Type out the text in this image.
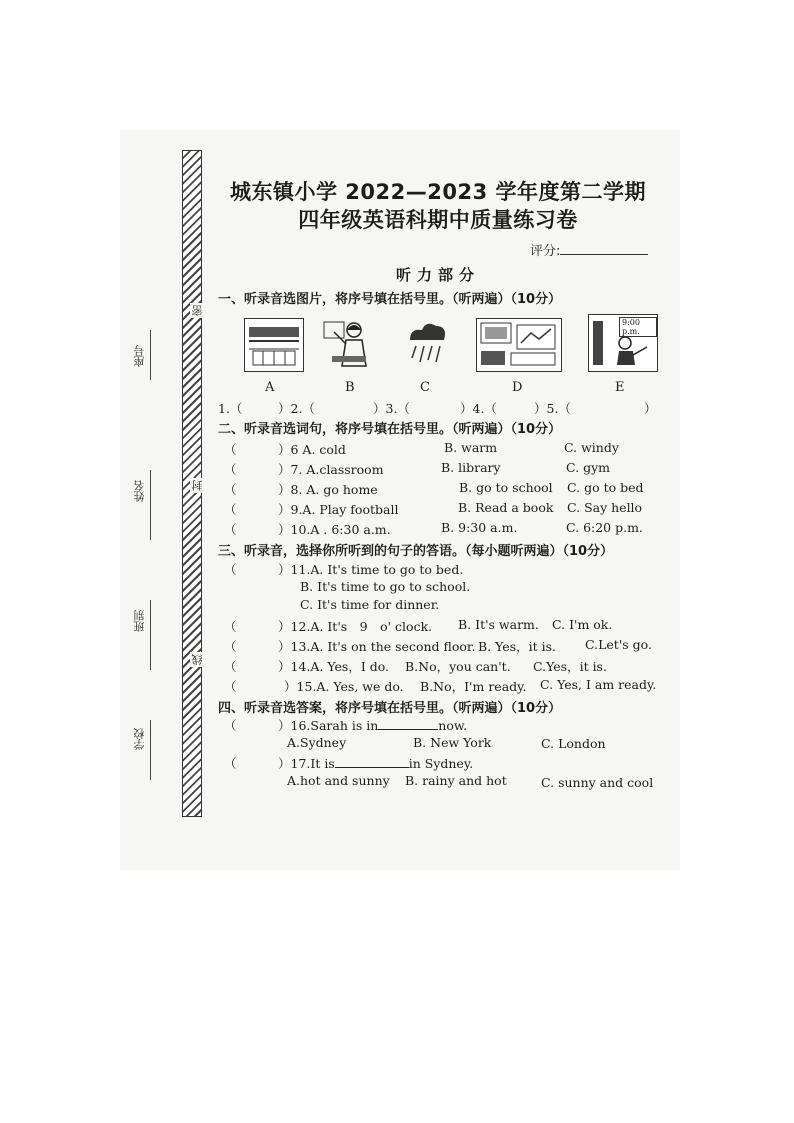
座号
姓名
班别
学校
密
封
线
城东镇小学 2022—2023 学年度第二学期
四年级英语科期中质量练习卷
评分:
听力部分
一、听录音选图片，将序号填在括号里。（听两遍）（10分）
9:00 p.m.
A	B	C	D	E
1.（	）2.（	）3.（	）4.（	）5.（	）
二、听录音选词句，将序号填在括号里。（听两遍）（10分）
（	）6 A. cold	B. warm	C. windy
（	）7. A.classroom	B. library	C. gym
（	）8. A. go home	B. go to school C. go to bed
（	）9.A. Play football	B. Read a book C. Say hello
（	）10.A . 6:30 a.m.	B. 9:30 a.m.	C. 6:20 p.m.
三、听录音，选择你所听到的句子的答语。（每小题听两遍）（10分）
（	）11.A. It's time to go to bed.
B. It's time to go to school.
C. It's time for dinner.
（	）12.A. It's　9　o' clock. B. It's warm. C. I'm ok.
（	）13.A. It's on the second floor. B. Yes，it is. C.Let's go.
（	）14.A. Yes，I do. B.No，you can't. C.Yes，it is.
（	）15.A. Yes, we do. B.No，I'm ready. C. Yes, I am ready.
四、听录音选答案，将序号填在括号里。（听两遍）（10分）
（	）16.Sarah is in	now.
A.Sydney	B. New York	C. London
（	）17.It is	in Sydney.
A.hot and sunny B. rainy and hot	C. sunny and cool
